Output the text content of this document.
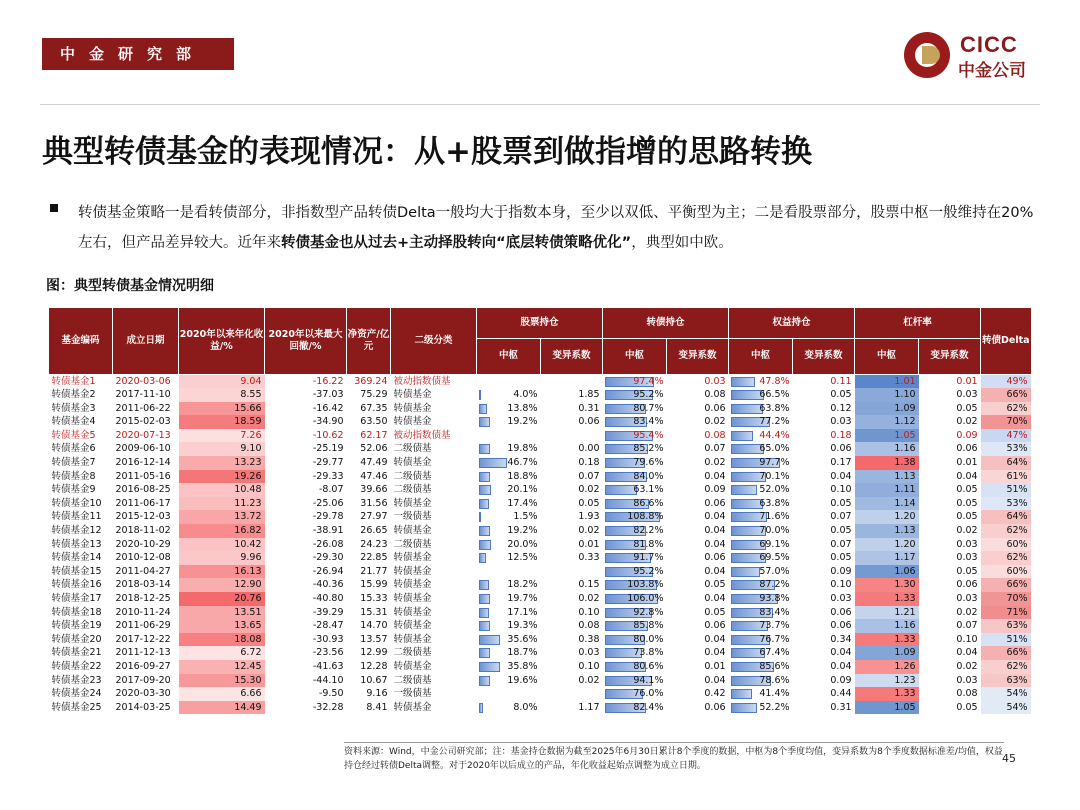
中金研究部	CICC
中金公司
典型转债基金的表现情况：从+股票到做指增的思路转换

转债基金策略一是看转债部分，非指数型产品转债Delta一般均大于指数本身，至少以双低、平衡型为主；二是看股票部分，股票中枢一般维持在20%左右，但产品差异较大。近年来转债基金也从过去+主动择股转向“底层转债策略优化”，典型如中欧。

图：典型转债基金情况明细
基金编码	成立日期	2020年以来年化收益/%	2020年以来最大回撤/%	净资产/亿元	二级分类	股票持仓		转债持仓		权益持仓		杠杆率		转债Delta
						中枢	变异系数	中枢	变异系数	中枢	变异系数	中枢	变异系数	
转债基金1	2020-03-06	9.04	-16.22	369.24	被动指数债基			97.4%	0.03	47.8%	0.11	1.01	0.01	49%
转债基金2	2017-11-10	8.55	-37.03	75.29	转债基金	4.0%	1.85	95.2%	0.08	66.5%	0.05	1.10	0.03	66%
转债基金3	2011-06-22	15.66	-16.42	67.35	转债基金	13.8%	0.31	80.7%	0.06	63.8%	0.12	1.09	0.05	62%
转债基金4	2015-02-03	18.59	-34.90	63.50	转债基金	19.2%	0.06	83.4%	0.02	77.2%	0.03	1.12	0.02	70%
转债基金5	2020-07-13	7.26	-10.62	62.17	被动指数债基			95.4%	0.08	44.4%	0.18	1.05	0.09	47%
转债基金6	2009-06-10	9.10	-25.19	52.06	二级债基	19.8%	0.00	85.2%	0.07	65.0%	0.06	1.16	0.06	53%
转债基金7	2016-12-14	13.23	-29.77	47.49	转债基金	46.7%	0.18	79.6%	0.02	97.7%	0.17	1.38	0.01	64%
转债基金8	2011-05-16	19.26	-29.33	47.46	二级债基	18.8%	0.07	84.0%	0.04	70.1%	0.04	1.13	0.04	61%
转债基金9	2016-08-25	10.48	-8.07	39.66	二级债基	20.1%	0.02	63.1%	0.09	52.0%	0.10	1.11	0.05	51%
转债基金10	2011-06-17	11.23	-25.06	31.56	转债基金	17.4%	0.05	86.6%	0.06	63.8%	0.05	1.14	0.05	53%
转债基金11	2015-12-03	13.72	-29.78	27.97	一级债基	1.5%	1.93	108.8%	0.04	71.6%	0.07	1.20	0.05	64%
转债基金12	2018-11-02	16.82	-38.91	26.65	转债基金	19.2%	0.02	82.2%	0.04	70.0%	0.05	1.13	0.02	62%
转债基金13	2020-10-29	10.42	-26.08	24.23	二级债基	20.0%	0.01	81.8%	0.04	69.1%	0.07	1.20	0.03	60%
转债基金14	2010-12-08	9.96	-29.30	22.85	转债基金	12.5%	0.33	91.7%	0.06	69.5%	0.05	1.17	0.03	62%
转债基金15	2011-04-27	16.13	-26.94	21.77	转债基金			95.2%	0.04	57.0%	0.09	1.06	0.05	60%
转债基金16	2018-03-14	12.90	-40.36	15.99	转债基金	18.2%	0.15	103.8%	0.05	87.2%	0.10	1.30	0.06	66%
转债基金17	2018-12-25	20.76	-40.80	15.33	转债基金	19.7%	0.02	106.0%	0.04	93.8%	0.03	1.33	0.03	70%
转债基金18	2010-11-24	13.51	-39.29	15.31	转债基金	17.1%	0.10	92.8%	0.05	83.4%	0.06	1.21	0.02	71%
转债基金19	2011-06-29	13.65	-28.47	14.70	转债基金	19.3%	0.08	85.8%	0.06	73.7%	0.06	1.16	0.07	63%
转债基金20	2017-12-22	18.08	-30.93	13.57	转债基金	35.6%	0.38	80.0%	0.04	76.7%	0.34	1.33	0.10	51%
转债基金21	2011-12-13	6.72	-23.56	12.99	二级债基	18.7%	0.03	73.8%	0.04	67.4%	0.04	1.09	0.04	66%
转债基金22	2016-09-27	12.45	-41.63	12.28	转债基金	35.8%	0.10	80.6%	0.01	85.6%	0.04	1.26	0.02	62%
转债基金23	2017-09-20	15.30	-44.10	10.67	二级债基	19.6%	0.02	94.1%	0.04	78.6%	0.09	1.23	0.03	63%
转债基金24	2020-03-30	6.66	-9.50	9.16	一级债基			76.0%	0.42	41.4%	0.44	1.33	0.08	54%
转债基金25	2014-03-25	14.49	-32.28	8.41	转债基金	8.0%	1.17	82.4%	0.06	52.2%	0.31	1.05	0.05	54%
资料来源：Wind，中金公司研究部；注：基金持仓数据为截至2025年6月30日累计8个季度的数据，中枢为8个季度均值，变异系数为8个季度数据标准差/均值，权益持仓经过转债Delta调整。对于2020年以后成立的产品，年化收益起始点调整为成立日期。
45
